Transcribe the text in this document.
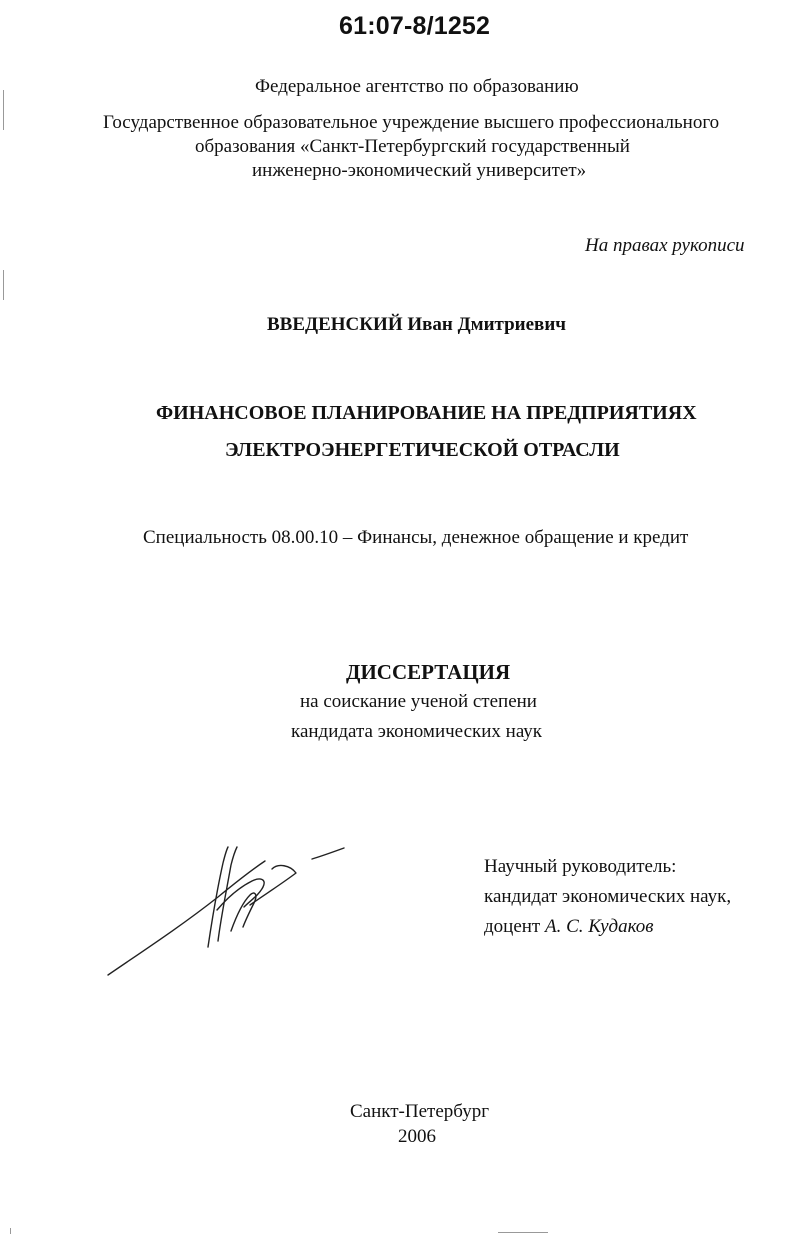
61:07-8/1252

Федеральное агентство по образованию

Государственное образовательное учреждение высшего профессионального

образования «Санкт-Петербургский государственный

инженерно-экономический университет»

На правах рукописи

ВВЕДЕНСКИЙ Иван Дмитриевич

ФИНАНСОВОЕ ПЛАНИРОВАНИЕ НА ПРЕДПРИЯТИЯХ

ЭЛЕКТРОЭНЕРГЕТИЧЕСКОЙ ОТРАСЛИ

Специальность 08.00.10 – Финансы, денежное обращение и кредит

ДИССЕРТАЦИЯ

на соискание ученой степени

кандидата экономических наук

Научный руководитель:

кандидат экономических наук,

доцент А. С. Кудаков

Санкт-Петербург

2006
